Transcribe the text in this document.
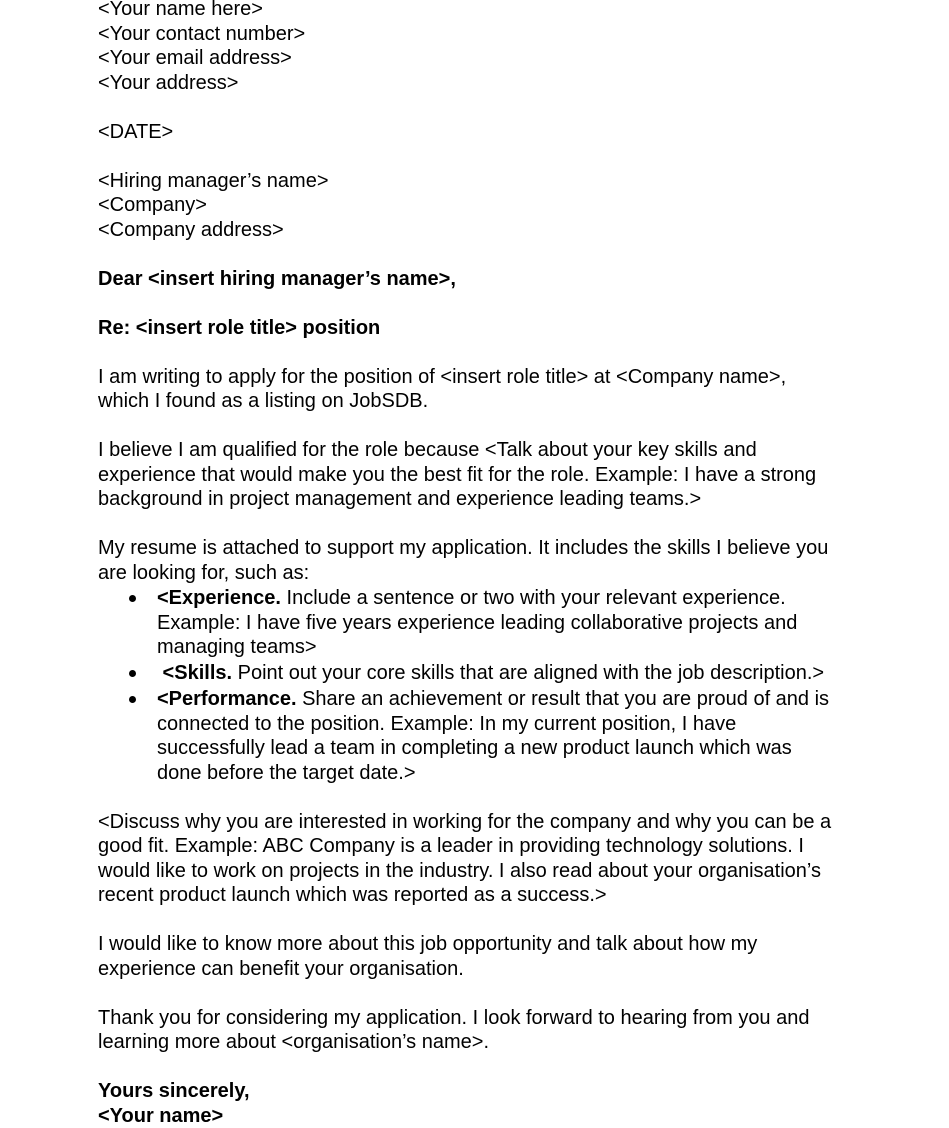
<Your name here>
<Your contact number>
<Your email address>
<Your address>
<DATE>
<Hiring manager’s name>
<Company>
<Company address>
Dear <insert hiring manager’s name>,
Re: <insert role title> position

I am writing to apply for the position of <insert role title> at <Company name>, which I found as a listing on JobSDB.

I believe I am qualified for the role because <Talk about your key skills and experience that would make you the best fit for the role. Example: I have a strong background in project management and experience leading teams.>

My resume is attached to support my application. It includes the skills I believe you are looking for, such as:

<Experience. Include a sentence or two with your relevant experience. Example: I have five years experience leading collaborative projects and managing teams>
<Skills. Point out your core skills that are aligned with the job description.>
<Performance. Share an achievement or result that you are proud of and is connected to the position. Example: In my current position, I have successfully lead a team in completing a new product launch which was done before the target date.>

<Discuss why you are interested in working for the company and why you can be a good fit. Example: ABC Company is a leader in providing technology solutions. I would like to work on projects in the industry. I also read about your organisation’s recent product launch which was reported as a success.>

I would like to know more about this job opportunity and talk about how my experience can benefit your organisation.

Thank you for considering my application. I look forward to hearing from you and learning more about <organisation’s name>.

Yours sincerely,
<Your name>
